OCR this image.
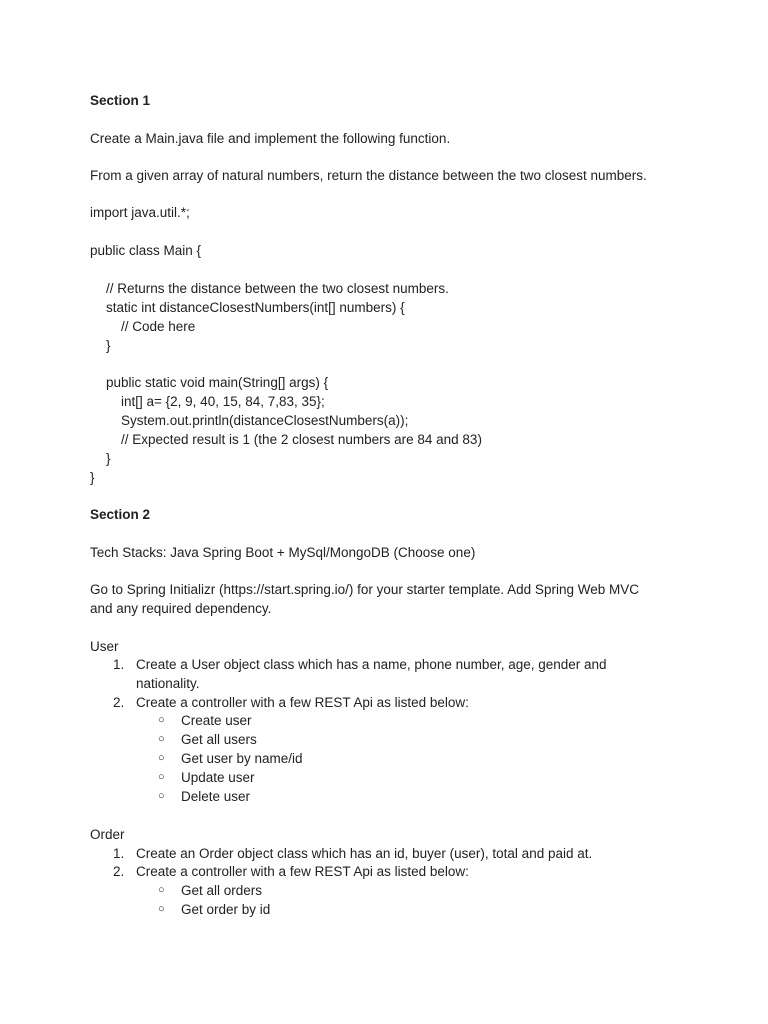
Section 1
Create a Main.java file and implement the following function.
From a given array of natural numbers, return the distance between the two closest numbers.
import java.util.*;
public class Main {
// Returns the distance between the two closest numbers.
static int distanceClosestNumbers(int[] numbers) {
// Code here
}
public static void main(String[] args) {
int[] a= {2, 9, 40, 15, 84, 7,83, 35};
System.out.println(distanceClosestNumbers(a));
// Expected result is 1 (the 2 closest numbers are 84 and 83)
}
}
Section 2
Tech Stacks: Java Spring Boot + MySql/MongoDB (Choose one)
Go to Spring Initializr (https://start.spring.io/) for your starter template. Add Spring Web MVC
and any required dependency.
User
1. Create a User object class which has a name, phone number, age, gender and
nationality.
2. Create a controller with a few REST Api as listed below:
○ Create user
○ Get all users
○ Get user by name/id
○ Update user
○ Delete user
Order
1. Create an Order object class which has an id, buyer (user), total and paid at.
2. Create a controller with a few REST Api as listed below:
○ Get all orders
○ Get order by id
